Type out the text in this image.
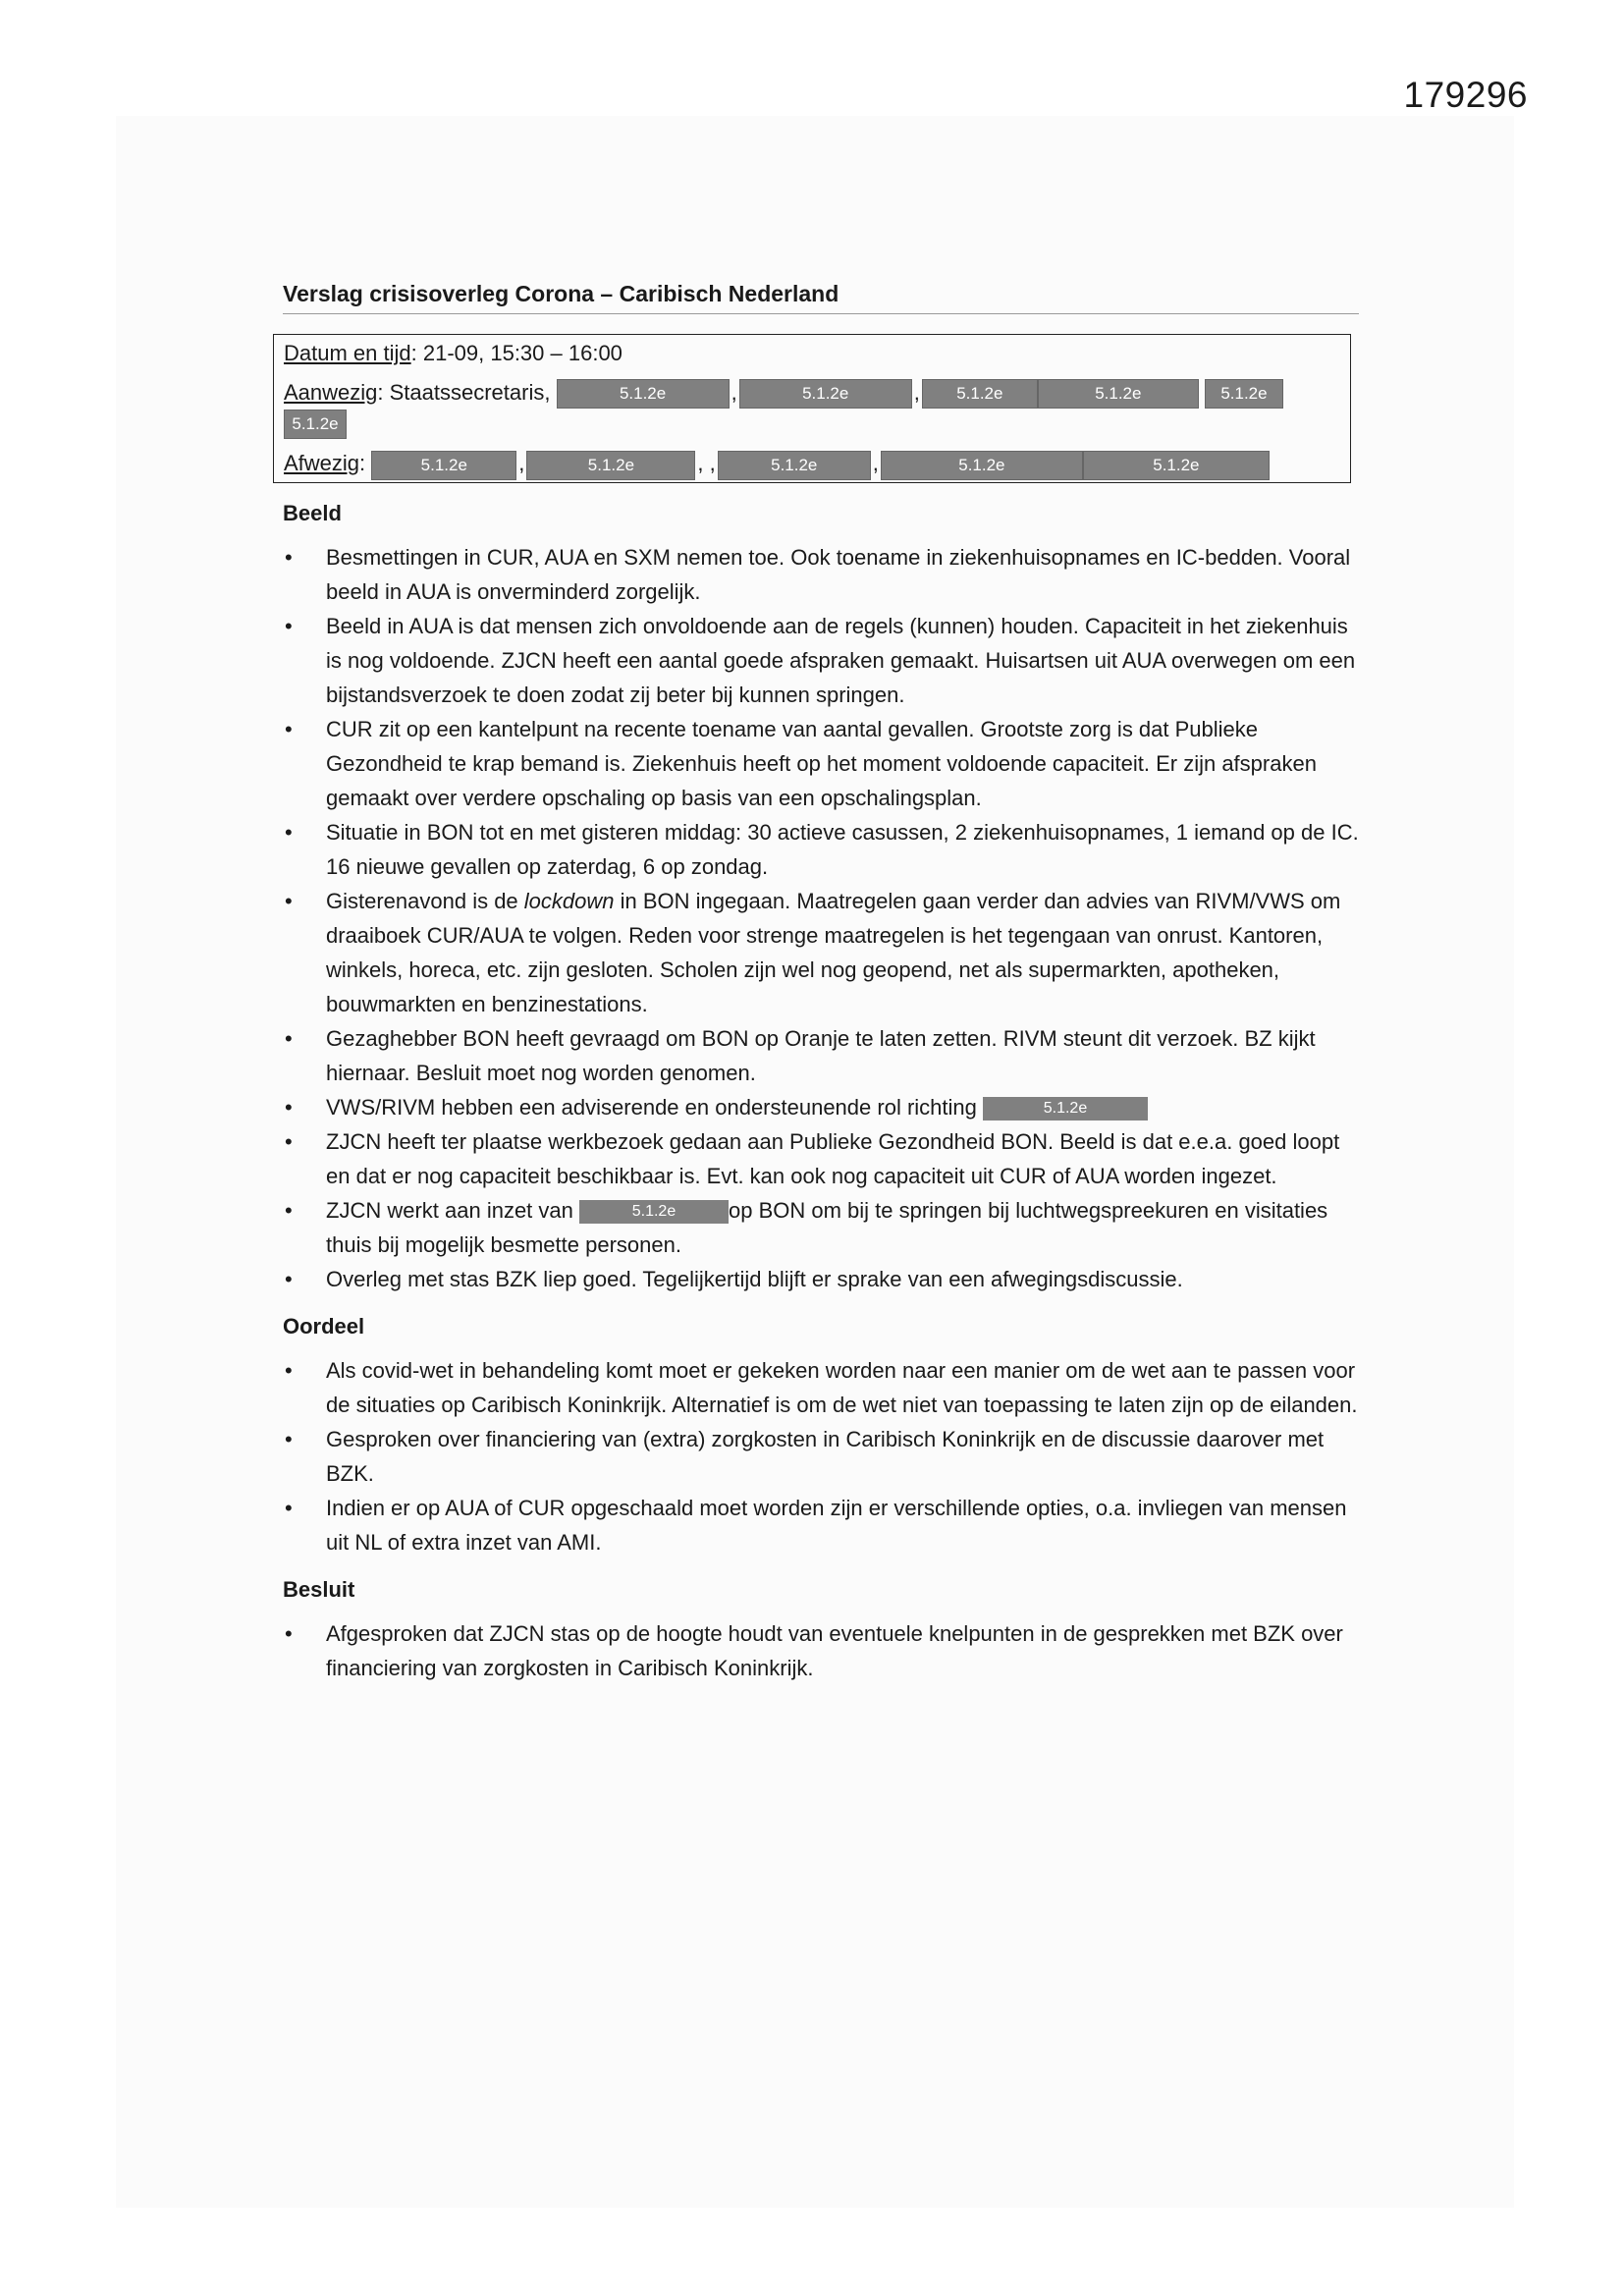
179296
Verslag crisisoverleg Corona – Caribisch Nederland
Datum en tijd: 21-09, 15:30 – 16:00
Aanwezig: Staatssecretaris,	5.1.2e	,	5.1.2e	, 5.1.2e	5.1.2e	5.1.2e
5.1.2e
Afwezig:	5.1.2e ,	5.1.2e	, ,	5.1.2e	,	5.1.2e	5.1.2e
Beeld
• Besmettingen in CUR, AUA en SXM nemen toe. Ook toename in ziekenhuisopnames en IC-bedden. Vooral beeld in AUA is onverminderd zorgelijk.
• Beeld in AUA is dat mensen zich onvoldoende aan de regels (kunnen) houden. Capaciteit in het ziekenhuis is nog voldoende. ZJCN heeft een aantal goede afspraken gemaakt. Huisartsen uit AUA overwegen om een bijstandsverzoek te doen zodat zij beter bij kunnen springen.
• CUR zit op een kantelpunt na recente toename van aantal gevallen. Grootste zorg is dat Publieke Gezondheid te krap bemand is. Ziekenhuis heeft op het moment voldoende capaciteit. Er zijn afspraken gemaakt over verdere opschaling op basis van een opschalingsplan.
• Situatie in BON tot en met gisteren middag: 30 actieve casussen, 2 ziekenhuisopnames, 1 iemand op de IC. 16 nieuwe gevallen op zaterdag, 6 op zondag.
• Gisterenavond is de lockdown in BON ingegaan. Maatregelen gaan verder dan advies van RIVM/VWS om draaiboek CUR/AUA te volgen. Reden voor strenge maatregelen is het tegengaan van onrust. Kantoren, winkels, horeca, etc. zijn gesloten. Scholen zijn wel nog geopend, net als supermarkten, apotheken, bouwmarkten en benzinestations.
• Gezaghebber BON heeft gevraagd om BON op Oranje te laten zetten. RIVM steunt dit verzoek. BZ kijkt hiernaar. Besluit moet nog worden genomen.
• VWS/RIVM hebben een adviserende en ondersteunende rol richting	5.1.2e
• ZJCN heeft ter plaatse werkbezoek gedaan aan Publieke Gezondheid BON. Beeld is dat e.e.a. goed loopt en dat er nog capaciteit beschikbaar is. Evt. kan ook nog capaciteit uit CUR of AUA worden ingezet.
• ZJCN werkt aan inzet van	5.1.2e op BON om bij te springen bij luchtwegspreekuren en visitaties thuis bij mogelijk besmette personen.
• Overleg met stas BZK liep goed. Tegelijkertijd blijft er sprake van een afwegingsdiscussie.
Oordeel
• Als covid-wet in behandeling komt moet er gekeken worden naar een manier om de wet aan te passen voor de situaties op Caribisch Koninkrijk. Alternatief is om de wet niet van toepassing te laten zijn op de eilanden.
• Gesproken over financiering van (extra) zorgkosten in Caribisch Koninkrijk en de discussie daarover met BZK.
• Indien er op AUA of CUR opgeschaald moet worden zijn er verschillende opties, o.a. invliegen van mensen uit NL of extra inzet van AMI.
Besluit
• Afgesproken dat ZJCN stas op de hoogte houdt van eventuele knelpunten in de gesprekken met BZK over financiering van zorgkosten in Caribisch Koninkrijk.
